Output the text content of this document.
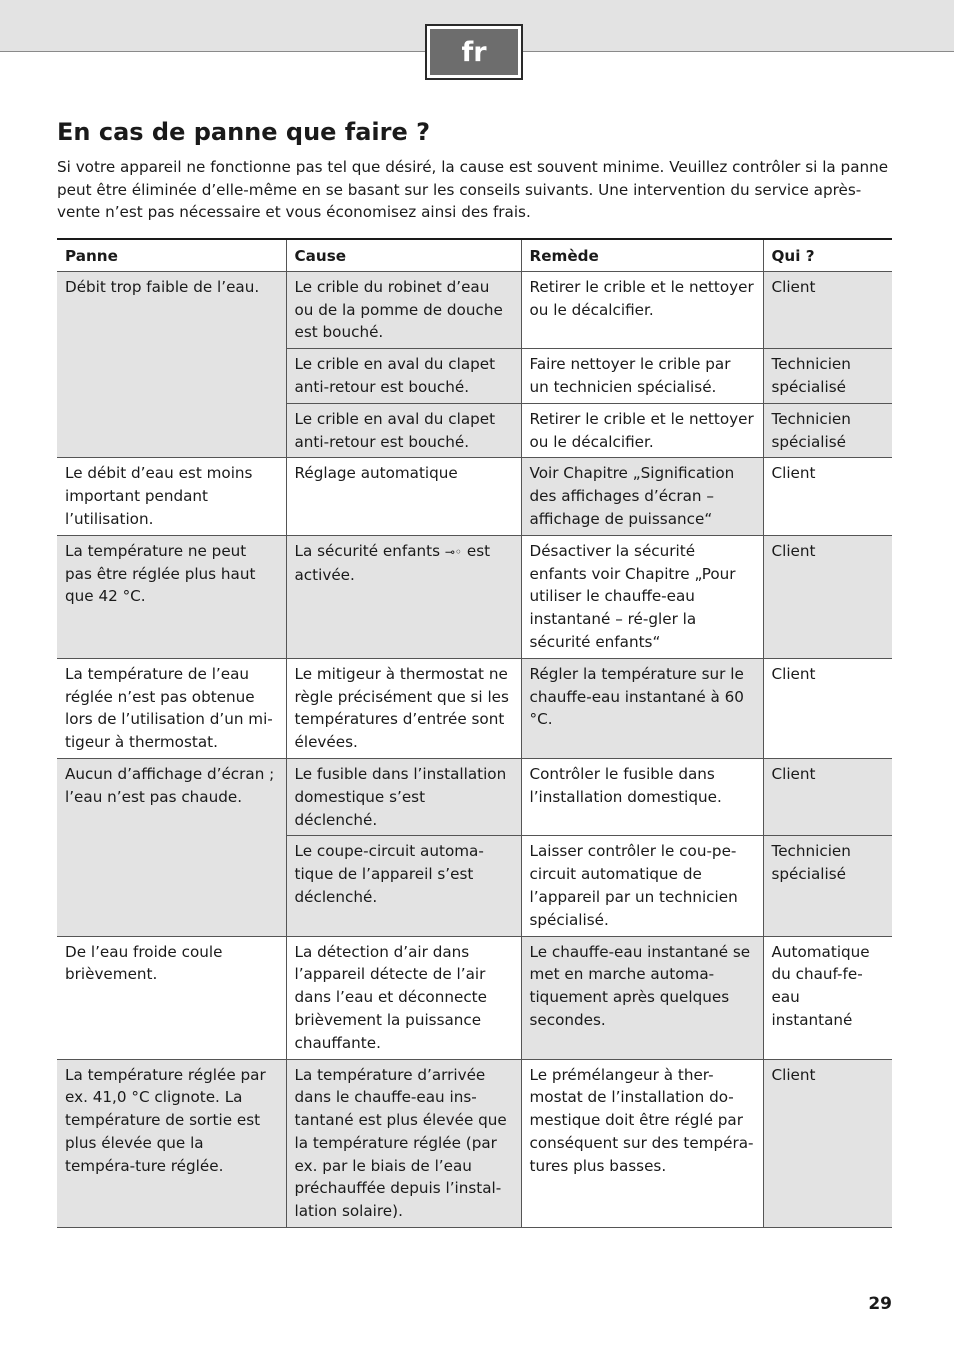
fr
En cas de panne que faire ?

Si votre appareil ne fonctionne pas tel que désiré, la cause est souvent minime. Veuillez contrôler si la panne peut être éliminée d’elle-même en se basant sur les conseils suivants. Une intervention du service après-vente n’est pas nécessaire et vous économisez ainsi des frais.

Panne	Cause	Remède	Qui ?
Débit trop faible de l’eau.	Le crible du robinet d’eau ou de la pomme de douche est bouché.	Retirer le crible et le nettoyer ou le décalcifier.	Client
	Le crible en aval du clapet anti-retour est bouché.	Faire nettoyer le crible par un technicien spécialisé.	Technicien spécialisé
	Le crible en aval du clapet anti-retour est bouché.	Retirer le crible et le nettoyer ou le décalcifier.	Technicien spécialisé
Le débit d’eau est moins important pendant l’utilisation.	Réglage automatique	Voir Chapitre „Signification des affichages d’écran – affichage de puissance“	Client
La température ne peut pas être réglée plus haut que 42 °C.	La sécurité enfants ⊸◦ est activée.	Désactiver la sécurité enfants voir Chapitre „Pour utiliser le chauffe-eau instantané – ré-gler la sécurité enfants“	Client
La température de l’eau réglée n’est pas obtenue lors de l’utilisation d’un mi-tigeur à thermostat.	Le mitigeur à thermostat ne règle précisément que si les températures d’entrée sont élevées.	Régler la température sur le chauffe-eau instantané à 60 °C.	Client
Aucun d’affichage d’écran ; l’eau n’est pas chaude.	Le fusible dans l’installation domestique s’est déclenché.	Contrôler le fusible dans l’installation domestique.	Client
	Le coupe-circuit automa-tique de l’appareil s’est déclenché.	Laisser contrôler le cou-pe-circuit automatique de l’appareil par un technicien spécialisé.	Technicien spécialisé
De l’eau froide coule brièvement.	La détection d’air dans l’appareil détecte de l’air dans l’eau et déconnecte brièvement la puissance chauffante.	Le chauffe-eau instantané se met en marche automa-tiquement après quelques secondes.	Automatique du chauf-fe-eau instantané
La température réglée par ex. 41,0 °C clignote. La température de sortie est plus élevée que la tempéra-ture réglée.	La température d’arrivée dans le chauffe-eau ins-tantané est plus élevée que la température réglée (par ex. par le biais de l’eau préchauffée depuis l’instal-lation solaire).	Le prémélangeur à ther-mostat de l’installation do-mestique doit être réglé par conséquent sur des tempéra-tures plus basses.	Client
29
